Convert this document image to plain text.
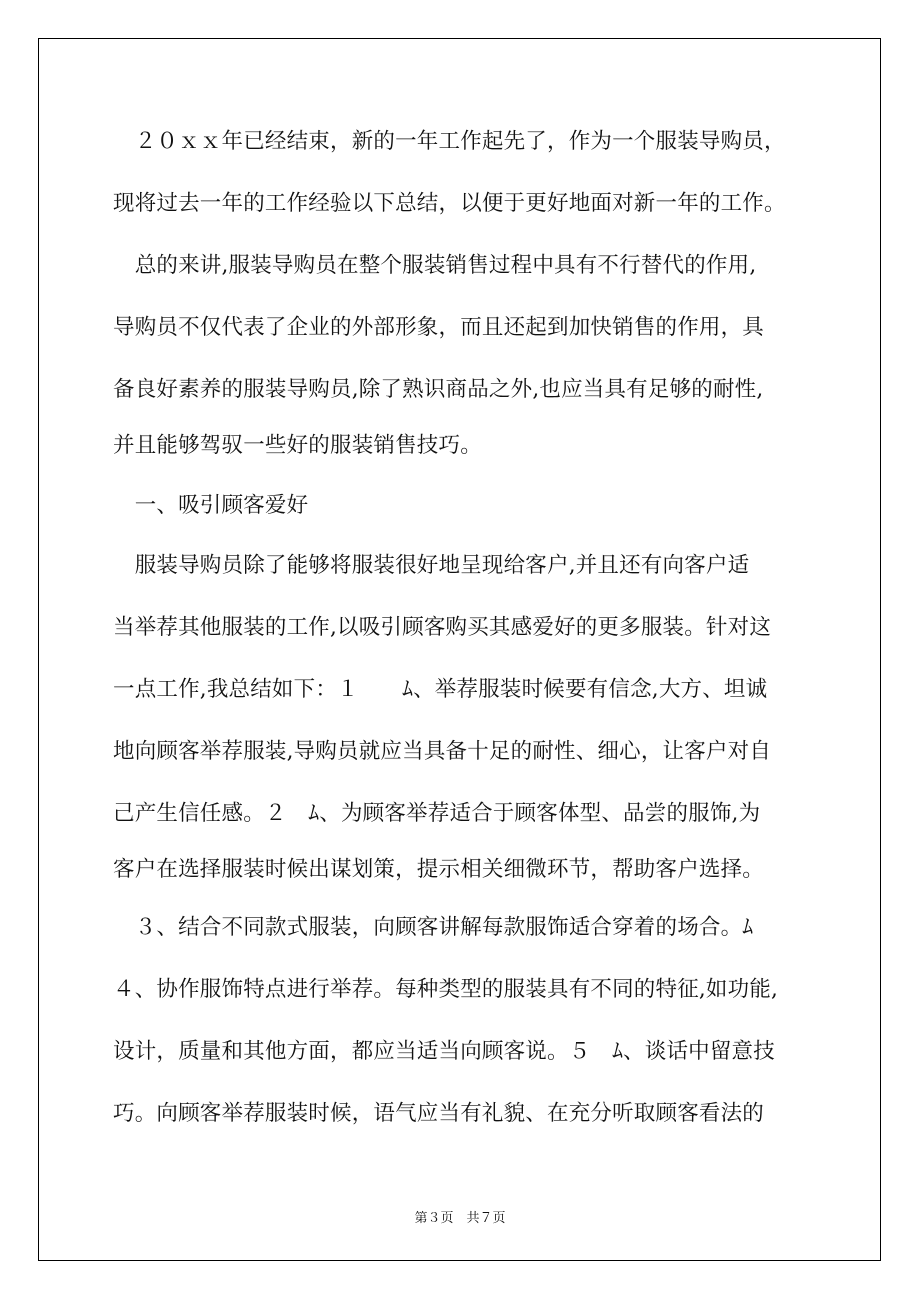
　２０ｘｘ年已经结束，新的一年工作起先了，作为一个服装导购员，
现将过去一年的工作经验以下总结，以便于更好地面对新一年的工作。
　总的来讲,服装导购员在整个服装销售过程中具有不行替代的作用,
导购员不仅代表了企业的外部形象，而且还起到加快销售的作用，具
备良好素养的服装导购员,除了熟识商品之外,也应当具有足够的耐性,
并且能够驾驭一些好的服装销售技巧。
　一、吸引顾客爱好
　服装导购员除了能够将服装很好地呈现给客户,并且还有向客户适
当举荐其他服装的工作,以吸引顾客购买其感爱好的更多服装。针对这
一点工作,我总结如下：１　　ﾑ、举荐服装时候要有信念,大方、坦诚
地向顾客举荐服装,导购员就应当具备十足的耐性、细心，让客户对自
己产生信任感。２　ﾑ、为顾客举荐适合于顾客体型、品尝的服饰,为
客户在选择服装时候出谋划策，提示相关细微环节，帮助客户选择。
　３、结合不同款式服装，向顾客讲解每款服饰适合穿着的场合。ﾑ
４、协作服饰特点进行举荐。每种类型的服装具有不同的特征,如功能,
设计，质量和其他方面，都应当适当向顾客说。５　ﾑ、谈话中留意技
巧。向顾客举荐服装时候，语气应当有礼貌、在充分听取顾客看法的
第３页　共７页
